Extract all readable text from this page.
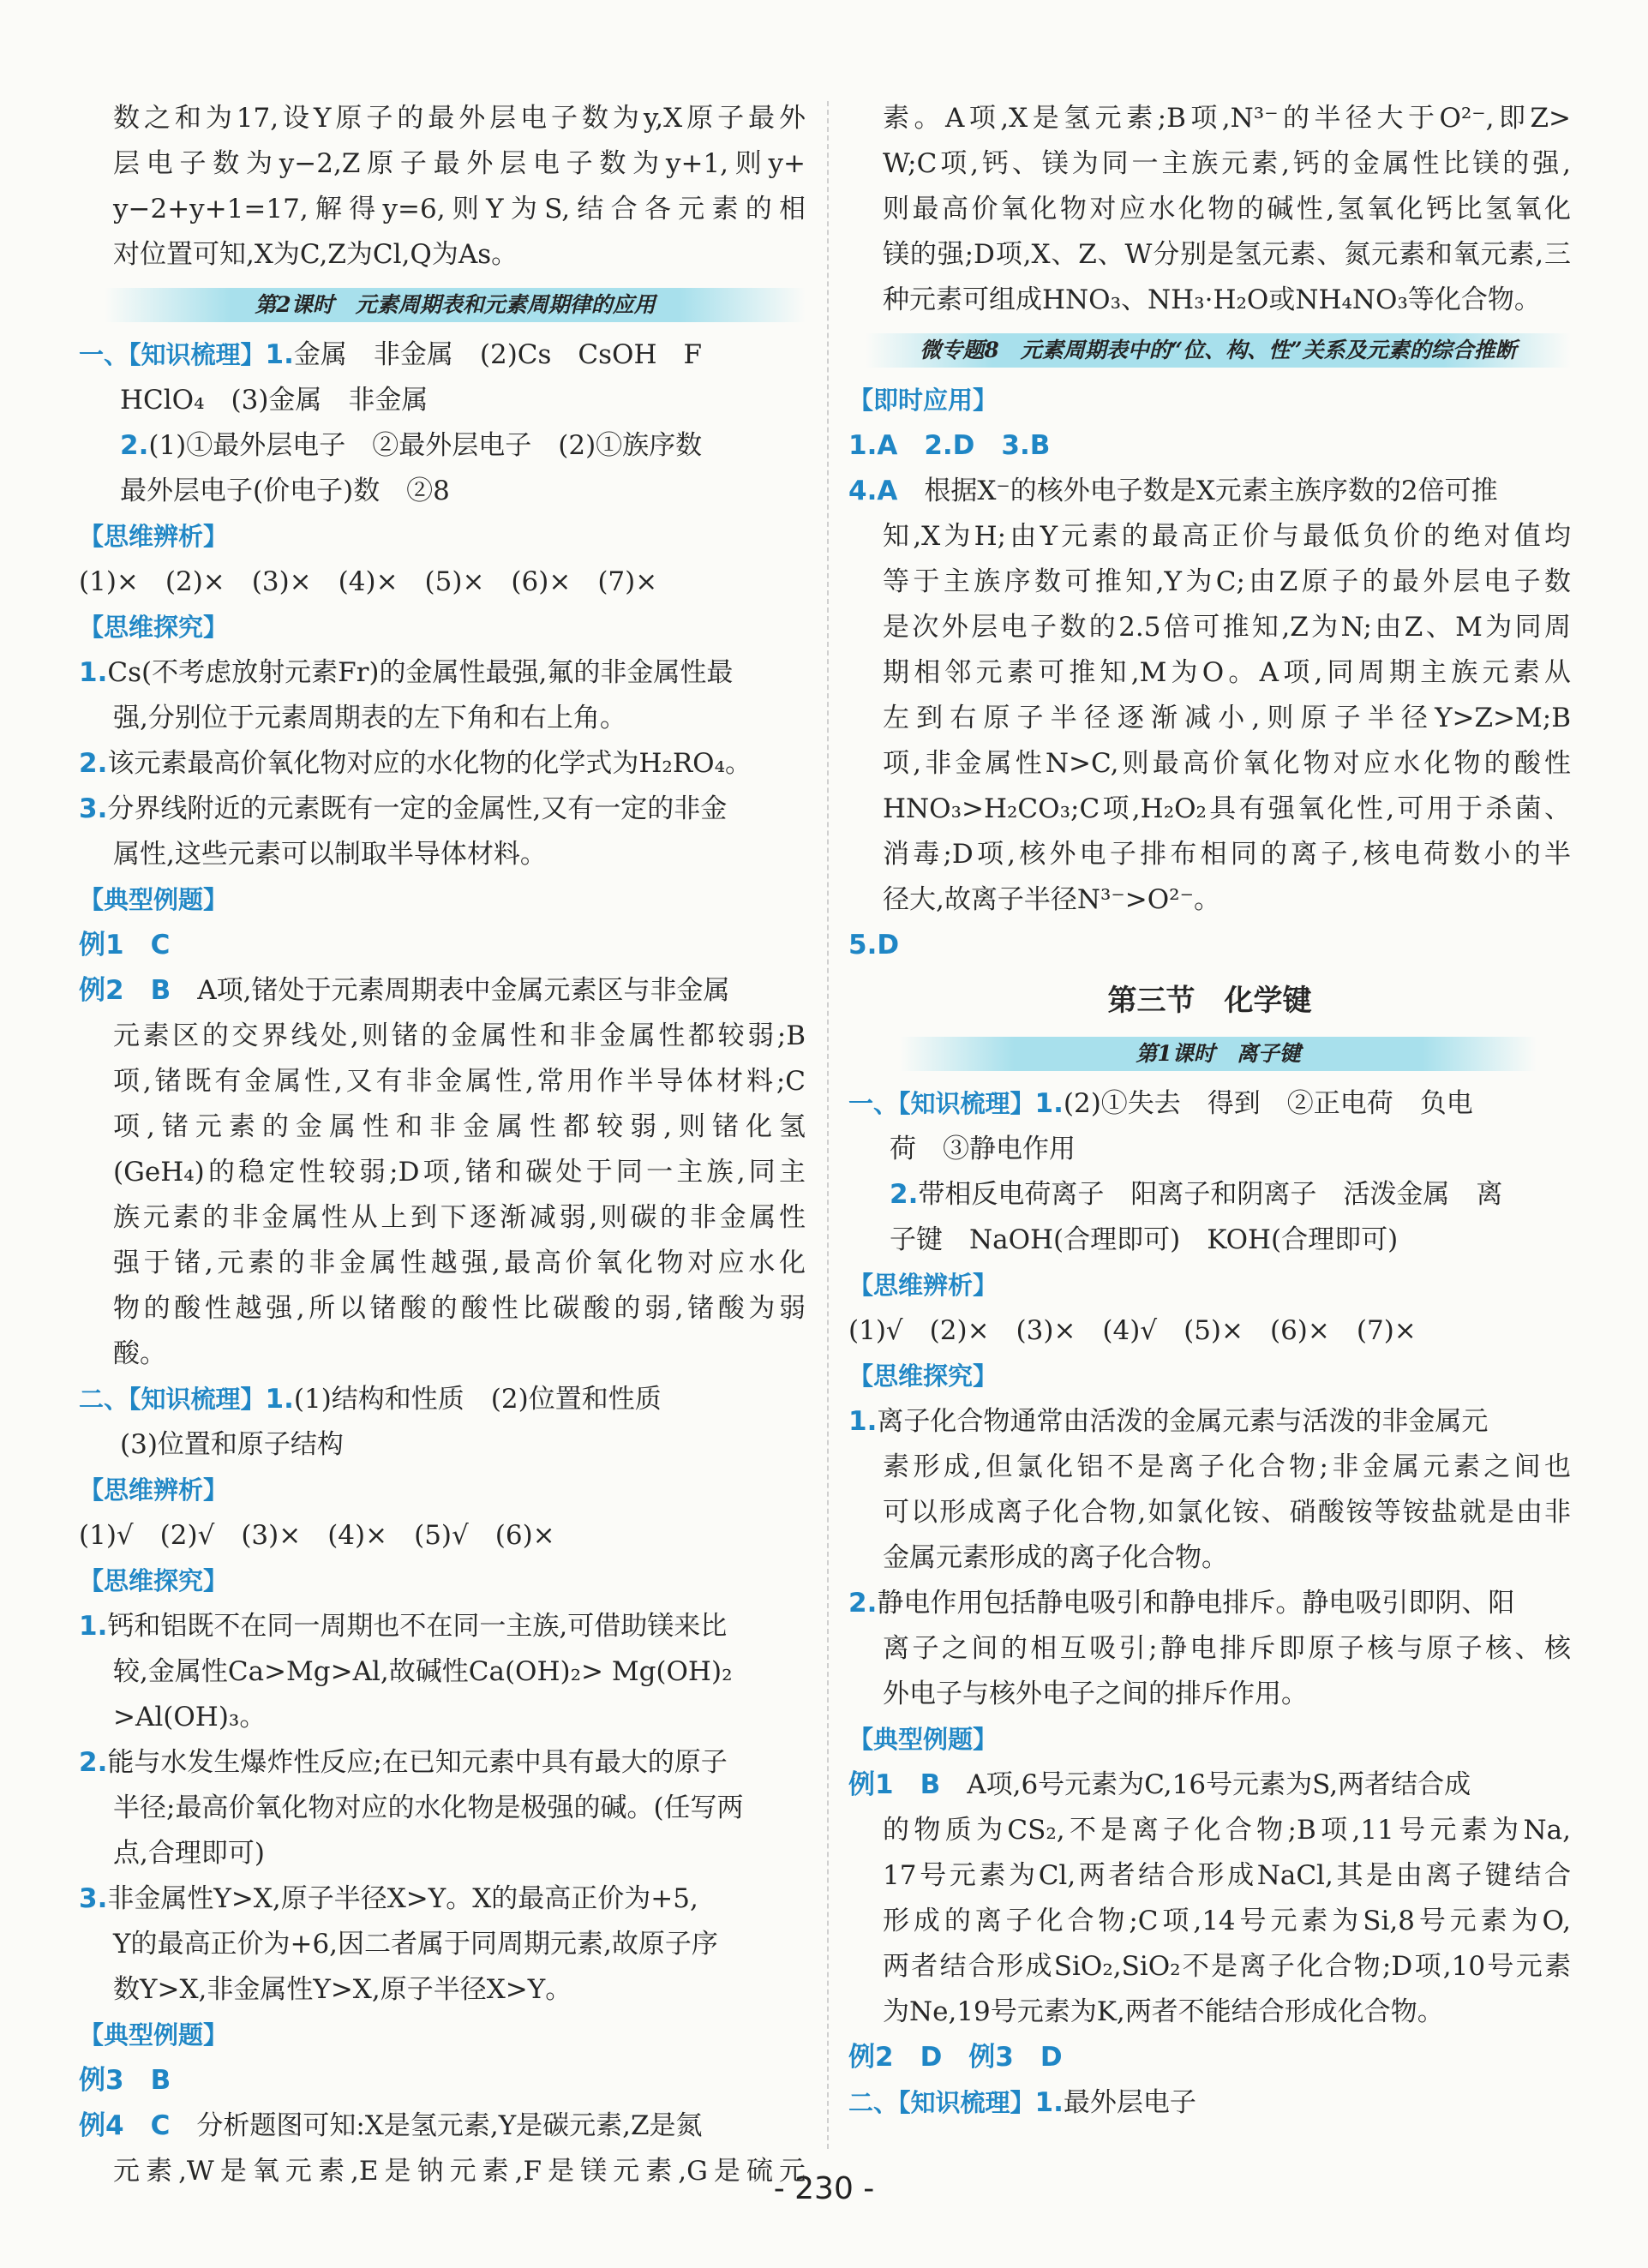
数之和为17,设Y原子的最外层电子数为y,X原子最外
层电子数为y−2,Z原子最外层电子数为y+1,则y+
y−2+y+1=17,解得y=6,则Y为S,结合各元素的相
对位置可知,X为C,Z为Cl,Q为As。
第2课时　元素周期表和元素周期律的应用
一、【知识梳理】1.金属　非金属　(2)Cs　CsOH　F
HClO₄　(3)金属　非金属
2.(1)①最外层电子　②最外层电子　(2)①族序数
最外层电子(价电子)数　②8
【思维辨析】
(1)×　(2)×　(3)×　(4)×　(5)×　(6)×　(7)×
【思维探究】
1.Cs(不考虑放射元素Fr)的金属性最强,氟的非金属性最
强,分别位于元素周期表的左下角和右上角。
2.该元素最高价氧化物对应的水化物的化学式为H₂RO₄。
3.分界线附近的元素既有一定的金属性,又有一定的非金
属性,这些元素可以制取半导体材料。
【典型例题】
例1　C
例2　B　 A项,锗处于元素周期表中金属元素区与非金属
元素区的交界线处,则锗的金属性和非金属性都较弱;B
项,锗既有金属性,又有非金属性,常用作半导体材料;C
项,锗元素的金属性和非金属性都较弱,则锗化氢
(GeH₄)的稳定性较弱;D项,锗和碳处于同一主族,同主
族元素的非金属性从上到下逐渐减弱,则碳的非金属性
强于锗,元素的非金属性越强,最高价氧化物对应水化
物的酸性越强,所以锗酸的酸性比碳酸的弱,锗酸为弱
酸。
二、【知识梳理】1.(1)结构和性质　(2)位置和性质
(3)位置和原子结构
【思维辨析】
(1)√　(2)√　(3)×　(4)×　(5)√　(6)×
【思维探究】
1.钙和铝既不在同一周期也不在同一主族,可借助镁来比
较,金属性Ca>Mg>Al,故碱性Ca(OH)₂> Mg(OH)₂
>Al(OH)₃。
2.能与水发生爆炸性反应;在已知元素中具有最大的原子
半径;最高价氧化物对应的水化物是极强的碱。(任写两
点,合理即可)
3.非金属性Y>X,原子半径X>Y。X的最高正价为+5,
Y的最高正价为+6,因二者属于同周期元素,故原子序
数Y>X,非金属性Y>X,原子半径X>Y。
【典型例题】
例3　B
例4　C　 分析题图可知:X是氢元素,Y是碳元素,Z是氮
元素,W是氧元素,E是钠元素,F是镁元素,G是硫元
素。A项,X是氢元素;B项,N³⁻的半径大于O²⁻,即Z>
W;C项,钙、镁为同一主族元素,钙的金属性比镁的强,
则最高价氧化物对应水化物的碱性,氢氧化钙比氢氧化
镁的强;D项,X、Z、W分别是氢元素、氮元素和氧元素,三
种元素可组成HNO₃、NH₃·H₂O或NH₄NO₃等化合物。
微专题8　元素周期表中的“位、构、性”关系及元素的综合推断
【即时应用】
1.A　2.D　3.B
4.A　 根据X⁻的核外电子数是X元素主族序数的2倍可推
知,X为H;由Y元素的最高正价与最低负价的绝对值均
等于主族序数可推知,Y为C;由Z原子的最外层电子数
是次外层电子数的2.5倍可推知,Z为N;由Z、M为同周
期相邻元素可推知,M为O。A项,同周期主族元素从
左到右原子半径逐渐减小,则原子半径Y>Z>M;B
项,非金属性N>C,则最高价氧化物对应水化物的酸性
HNO₃>H₂CO₃;C项,H₂O₂具有强氧化性,可用于杀菌、
消毒;D项,核外电子排布相同的离子,核电荷数小的半
径大,故离子半径N³⁻>O²⁻。
5.D
第三节　化学键
第1课时　离子键
一、【知识梳理】1.(2)①失去　得到　②正电荷　负电
荷　③静电作用
2.带相反电荷离子　阳离子和阴离子　活泼金属　离
子键　NaOH(合理即可)　KOH(合理即可)
【思维辨析】
(1)√　(2)×　(3)×　(4)√　(5)×　(6)×　(7)×
【思维探究】
1.离子化合物通常由活泼的金属元素与活泼的非金属元
素形成,但氯化铝不是离子化合物;非金属元素之间也
可以形成离子化合物,如氯化铵、硝酸铵等铵盐就是由非
金属元素形成的离子化合物。
2.静电作用包括静电吸引和静电排斥。静电吸引即阴、阳
离子之间的相互吸引;静电排斥即原子核与原子核、核
外电子与核外电子之间的排斥作用。
【典型例题】
例1　B　 A项,6号元素为C,16号元素为S,两者结合成
的物质为CS₂,不是离子化合物;B项,11号元素为Na,
17号元素为Cl,两者结合形成NaCl,其是由离子键结合
形成的离子化合物;C项,14号元素为Si,8号元素为O,
两者结合形成SiO₂,SiO₂不是离子化合物;D项,10号元素
为Ne,19号元素为K,两者不能结合形成化合物。
例2　D　例3　D
二、【知识梳理】1.最外层电子
- 230 -
